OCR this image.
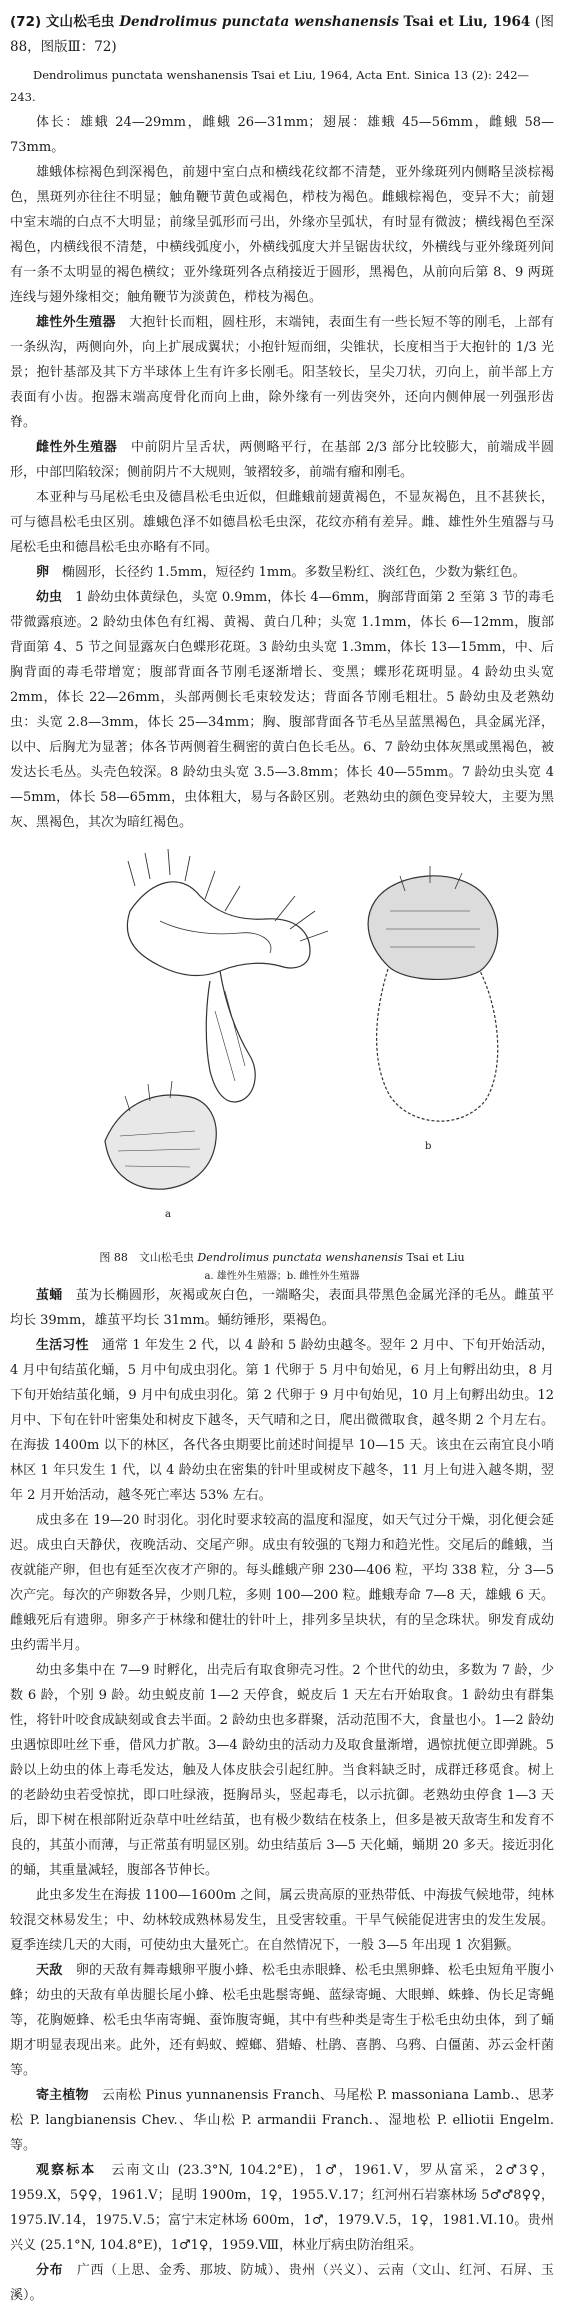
(72) 文山松毛虫 Dendrolimus punctata wenshanensis Tsai et Liu, 1964 (图88，图版Ⅲ：72)

Dendrolimus punctata wenshanensis Tsai et Liu, 1964, Acta Ent. Sinica 13 (2): 242—243.

体长：雄蛾 24—29mm，雌蛾 26—31mm；翅展：雄蛾 45—56mm，雌蛾 58—73mm。

雄蛾体棕褐色到深褐色，前翅中室白点和横线花纹都不清楚，亚外缘斑列内侧略呈淡棕褐色，黑斑列亦往往不明显；触角鞭节黄色或褐色，栉枝为褐色。雌蛾棕褐色，变异不大；前翅中室末端的白点不大明显；前缘呈弧形而弓出，外缘亦呈弧状，有时显有微波；横线褐色至深褐色，内横线很不清楚，中横线弧度小，外横线弧度大并呈锯齿状纹，外横线与亚外缘斑列间有一条不太明显的褐色横纹；亚外缘斑列各点稍接近于圆形，黑褐色，从前向后第 8、9 两斑连线与翅外缘相交；触角鞭节为淡黄色，栉枝为褐色。

雄性外生殖器　 大抱针长而粗，圆柱形，末端钝，表面生有一些长短不等的刚毛，上部有一条纵沟，两侧向外，向上扩展成翼状；小抱针短而细，尖锥状，长度相当于大抱针的 1/3 光景；抱针基部及其下方半球体上生有许多长刚毛。阳茎较长，呈尖刀状，刃向上，前半部上方表面有小齿。抱器末端高度骨化而向上曲，除外缘有一列齿突外，还向内侧伸展一列强形齿脊。

雌性外生殖器　 中前阴片呈舌状，两侧略平行，在基部 2/3 部分比较膨大，前端成半圆形，中部凹陷较深；侧前阴片不大规则，皱褶较多，前端有瘤和刚毛。

本亚种与马尾松毛虫及德昌松毛虫近似，但雌蛾前翅黄褐色，不显灰褐色，且不甚狭长，可与德昌松毛虫区别。雄蛾色泽不如德昌松毛虫深，花纹亦稍有差异。雌、雄性外生殖器与马尾松毛虫和德昌松毛虫亦略有不同。

卵　 椭圆形，长径约 1.5mm，短径约 1mm。多数呈粉红、淡红色，少数为紫红色。

幼虫　 1 龄幼虫体黄绿色，头宽 0.9mm，体长 4—6mm，胸部背面第 2 至第 3 节的毒毛带微露痕迹。2 龄幼虫体色有红褐、黄褐、黄白几种；头宽 1.1mm，体长 6—12mm，腹部背面第 4、5 节之间显露灰白色蝶形花斑。3 龄幼虫头宽 1.3mm，体长 13—15mm，中、后胸背面的毒毛带增宽；腹部背面各节刚毛逐渐增长、变黑；蝶形花斑明显。4 龄幼虫头宽 2mm，体长 22—26mm，头部两侧长毛束较发达；背面各节刚毛粗壮。5 龄幼虫及老熟幼虫：头宽 2.8—3mm，体长 25—34mm；胸、腹部背面各节毛丛呈蓝黑褐色，具金属光泽，以中、后胸尤为显著；体各节两侧着生稠密的黄白色长毛丛。6、7 龄幼虫体灰黑或黑褐色，被发达长毛丛。头壳色较深。8 龄幼虫头宽 3.5—3.8mm；体长 40—55mm。7 龄幼虫头宽 4—5mm，体长 58—65mm，虫体粗大，易与各龄区别。老熟幼虫的颜色变异较大，主要为黑灰、黑褐色，其次为暗红褐色。

a
b
图 88　文山松毛虫 Dendrolimus punctata wenshanensis Tsai et Liu
a. 雄性外生殖器；b. 雌性外生殖器

茧蛹　 茧为长椭圆形，灰褐或灰白色，一端略尖，表面具带黑色金属光泽的毛丛。雌茧平均长 39mm，雄茧平均长 31mm。蛹纺锤形，栗褐色。

生活习性　 通常 1 年发生 2 代，以 4 龄和 5 龄幼虫越冬。翌年 2 月中、下旬开始活动，4 月中旬结茧化蛹，5 月中旬成虫羽化。第 1 代卵于 5 月中旬始见，6 月上旬孵出幼虫，8 月下旬开始结茧化蛹，9 月中旬成虫羽化。第 2 代卵于 9 月中旬始见，10 月上旬孵出幼虫。12 月中、下旬在针叶密集处和树皮下越冬，天气晴和之日，爬出微微取食，越冬期 2 个月左右。在海拔 1400m 以下的林区，各代各虫期要比前述时间提早 10—15 天。该虫在云南宜良小哨林区 1 年只发生 1 代，以 4 龄幼虫在密集的针叶里或树皮下越冬，11 月上旬进入越冬期，翌年 2 月开始活动，越冬死亡率达 53% 左右。

成虫多在 19—20 时羽化。羽化时要求较高的温度和湿度，如天气过分干燥，羽化便会延迟。成虫白天静伏，夜晚活动、交尾产卵。成虫有较强的飞翔力和趋光性。交尾后的雌蛾，当夜就能产卵，但也有延至次夜才产卵的。每头雌蛾产卵 230—406 粒，平均 338 粒，分 3—5 次产完。每次的产卵数各异，少则几粒，多则 100—200 粒。雌蛾寿命 7—8 天，雄蛾 6 天。雌蛾死后有遗卵。卵多产于林缘和健壮的针叶上，排列多呈块状，有的呈念珠状。卵发育成幼虫约需半月。

幼虫多集中在 7—9 时孵化，出壳后有取食卵壳习性。2 个世代的幼虫，多数为 7 龄，少数 6 龄，个别 9 龄。幼虫蜕皮前 1—2 天停食，蜕皮后 1 天左右开始取食。1 龄幼虫有群集性，将针叶咬食成缺刻或食去半面。2 龄幼虫也多群聚，活动范围不大，食量也小。1—2 龄幼虫遇惊即吐丝下垂，借风力扩散。3—4 龄幼虫的活动力及取食量渐增，遇惊扰便立即弹跳。5 龄以上幼虫的体上毒毛发达，触及人体皮肤会引起红肿。当食料缺乏时，成群迁移觅食。树上的老龄幼虫若受惊扰，即口吐绿液，挺胸昂头，竖起毒毛，以示抗御。老熟幼虫停食 1—3 天后，即下树在根部附近杂草中吐丝结茧，也有极少数结在枝条上，但多是被天敌寄生和发育不良的，其茧小而薄，与正常茧有明显区别。幼虫结茧后 3—5 天化蛹，蛹期 20 多天。接近羽化的蛹，其重量减轻，腹部各节伸长。

此虫多发生在海拔 1100—1600m 之间，属云贵高原的亚热带低、中海拔气候地带，纯林较混交林易发生；中、幼林较成熟林易发生，且受害较重。干旱气候能促进害虫的发生发展。夏季连续几天的大雨，可使幼虫大量死亡。在自然情况下，一般 3—5 年出现 1 次猖獗。

天敌　 卵的天敌有舞毒蛾卵平腹小蜂、松毛虫赤眼蜂、松毛虫黑卵蜂、松毛虫短角平腹小蜂；幼虫的天敌有单齿腿长尾小蜂、松毛虫匙鬃寄蝇、蓝绿寄蝇、大眼蝉、蛛蜂、伪长足寄蝇等，花胸姬蜂、松毛虫华南寄蝇、蚕饰腹寄蝇，其中有些种类是寄生于松毛虫幼虫体，到了蛹期才明显表现出来。此外，还有蚂蚁、螳螂、猎蝽、杜鹃、喜鹊、乌鸦、白僵菌、苏云金杆菌等。

寄主植物　 云南松 Pinus yunnanensis Franch、马尾松 P. massoniana Lamb.、思茅松 P. langbianensis Chev.、华山松 P. armandii Franch.、湿地松 P. elliotii Engelm. 等。

观察标本　 云南文山 (23.3°N, 104.2°E)，1♂，1961.Ⅴ，罗从富采，2♂3♀，1959.Ⅹ，5♀♀，1961.Ⅴ；昆明 1900m，1♀，1955.Ⅴ.17；红河州石岩寨林场 5♂♂8♀♀，1975.Ⅳ.14，1975.Ⅴ.5；富宁末定林场 600m，1♂，1979.Ⅴ.5，1♀，1981.Ⅵ.10。贵州兴义 (25.1°N, 104.8°E)，1♂1♀，1959.Ⅷ，林业厅病虫防治组采。

分布　 广西（上思、金秀、那坡、防城）、贵州（兴义）、云南（文山、红河、石屏、玉溪）。
